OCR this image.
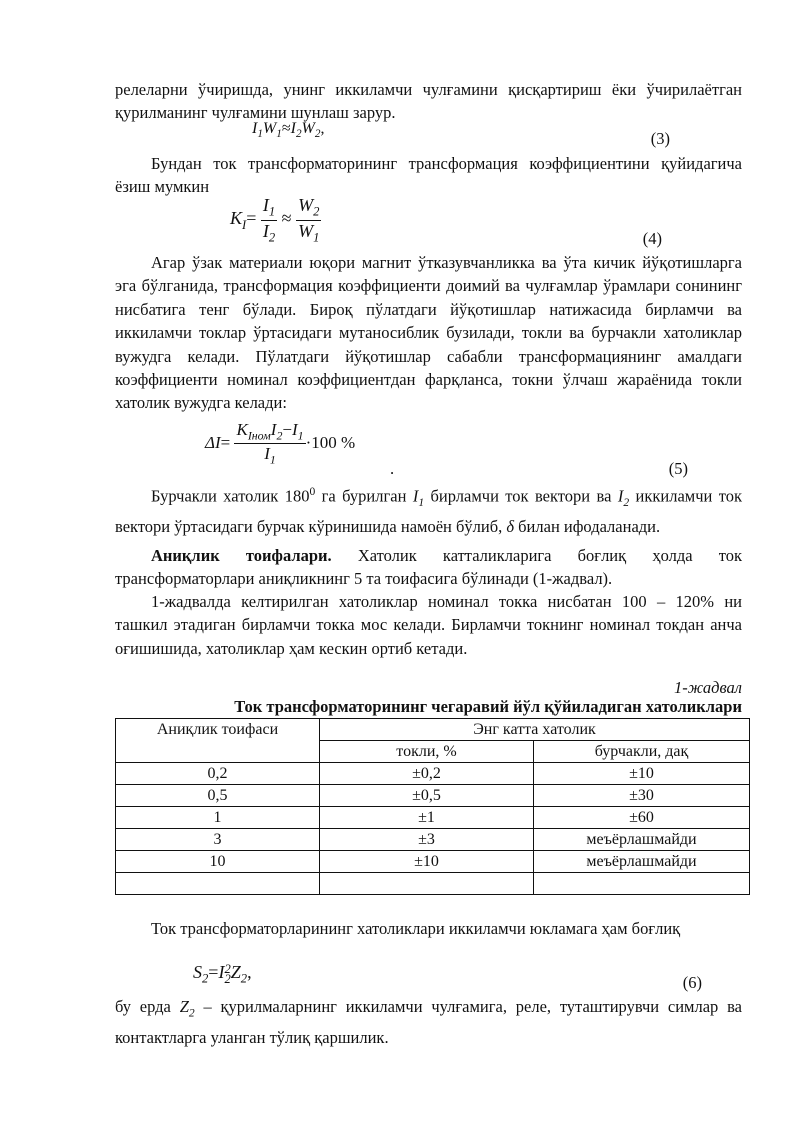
релеларни ўчиришда, унинг иккиламчи чулғамини қисқартириш ёки ўчирилаётган қурилманинг чулғамини шунлаш зарур.

$I_1W_1\approx I_2W_2$,
(3)

Бундан ток трансформаторининг трансформация коэффициентини қуйидагича ёзиш мумкин

$K_I= \frac{I_1}{I_2} \approx \frac{W_2}{W_1}$	(4)

Агар ўзак материали юқори магнит ўтказувчанликка ва ўта кичик йўқотишларга эга бўлганида, трансформация коэффициенти доимий ва чулғамлар ўрамлари сонининг нисбатига тенг бўлади. Бироқ пўлатдаги йўқотишлар натижасида бирламчи ва иккиламчи токлар ўртасидаги мутаносиблик бузилади, токли ва бурчакли хатоликлар вужудга келади. Пўлатдаги йўқотишлар сабабли трансформациянинг амалдаги коэффициенти номинал коэффициентдан фарқланса, токни ўлчаш жараёнида токли хатолик вужудга келади:

$\Delta I= \frac{K_{Iном}I_2-I_1}{I_1} \cdot 100$ %
.	(5)

Бурчакли хатолик $180^0$ га бурилган $I_1$ бирламчи ток вектори ва $I_2$ иккиламчи ток вектори ўртасидаги бурчак кўринишида намоён бўлиб, δ билан ифодаланади.

Аниқлик тоифалари. Хатолик катталикларига боғлиқ ҳолда ток трансформаторлари аниқликнинг 5 та тоифасига бўлинади (1-жадвал).

1-жадвалда келтирилган хатоликлар номинал токка нисбатан 100 – 120% ни ташкил этадиган бирламчи токка мос келади. Бирламчи токнинг номинал токдан анча оғишишида, хатоликлар ҳам кескин ортиб кетади.

1-жадвал
Ток трансформаторининг чегаравий йўл қўйиладиган хатоликлари
Аниқлик тоифаси	Энг катта хатолик	
	токли, %	бурчакли, дақ
0,2	±0,2	±10
0,5	±0,5	±30
1	±1	±60
3	±3	меъёрлашмайди
10	±10	меъёрлашмайди

Ток трансформаторларининг хатоликлари иккиламчи юкламага ҳам боғлиқ

$S_2=I$ 2
2 $Z_2$,
(6)

бу ерда $Z_2$ – қурилмаларнинг иккиламчи чулғамига, реле, туташтирувчи симлар ва контактларга уланган тўлиқ қаршилик.
